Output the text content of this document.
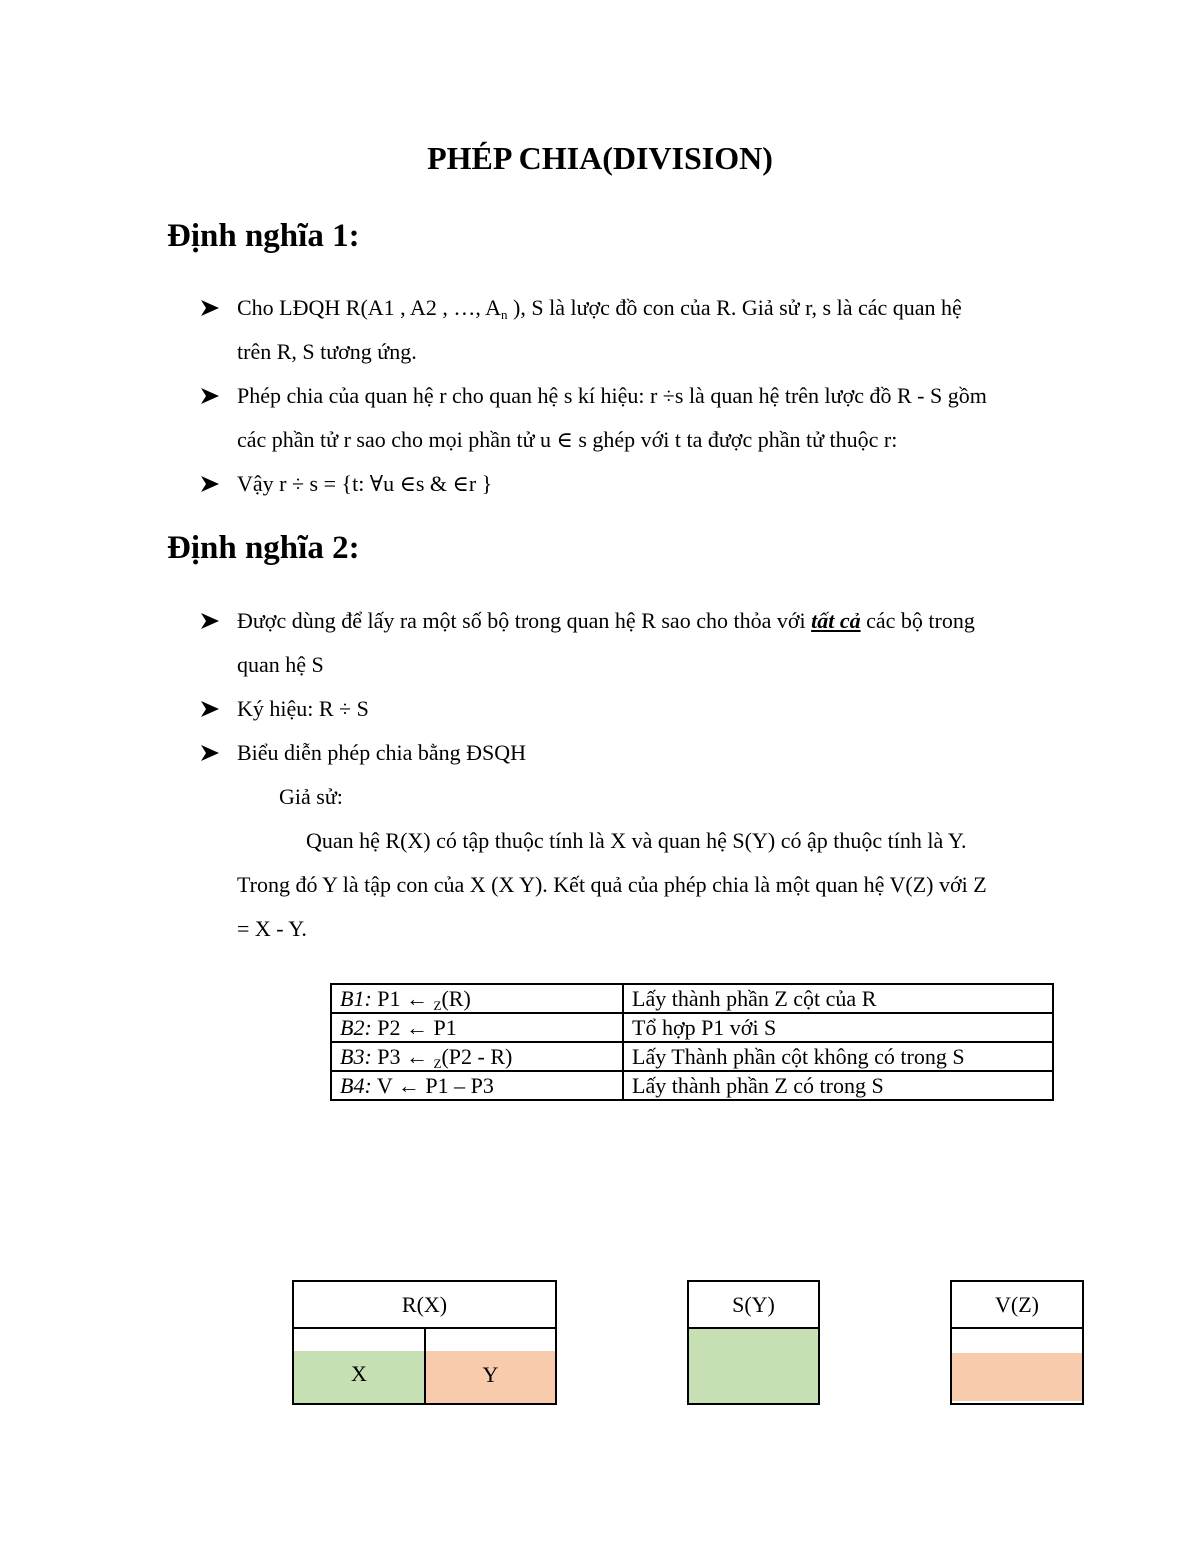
PHÉP CHIA(DIVISION)
Định nghĩa 1:
Cho LĐQH R(A1 , A2 , …, $A_n$ ), S là lược đồ con của R. Giả sử r, s là các quan hệ
trên R, S tương ứng.
Phép chia của quan hệ r cho quan hệ s kí hiệu: r ÷s là quan hệ trên lược đồ R - S gồm
các phần tử r sao cho mọi phần tử u ∈ s ghép với t ta được phần tử thuộc r:
Vậy r ÷ s = {t: ∀u ∈s & ∈r }
Định nghĩa 2:
Được dùng để lấy ra một số bộ trong quan hệ R sao cho thỏa với tất cả các bộ trong
quan hệ S
Ký hiệu: R ÷ S
Biểu diễn phép chia bằng ĐSQH
Giả sử:
Quan hệ R(X) có tập thuộc tính là X và quan hệ S(Y) có ập thuộc tính là Y.
Trong đó Y là tập con của X (X Y). Kết quả của phép chia là một quan hệ V(Z) với Z
= X - Y.
B1: P1 ← $_Z$(R)	Lấy thành phần Z cột của R
B2: P2 ← P1	Tổ hợp P1 với S
B3: P3 ← $_Z$(P2 - R)	Lấy Thành phần cột không có trong S
B4: V ← P1 – P3	Lấy thành phần Z có trong S
R(X)
X	Y
S(Y)	V(Z)
